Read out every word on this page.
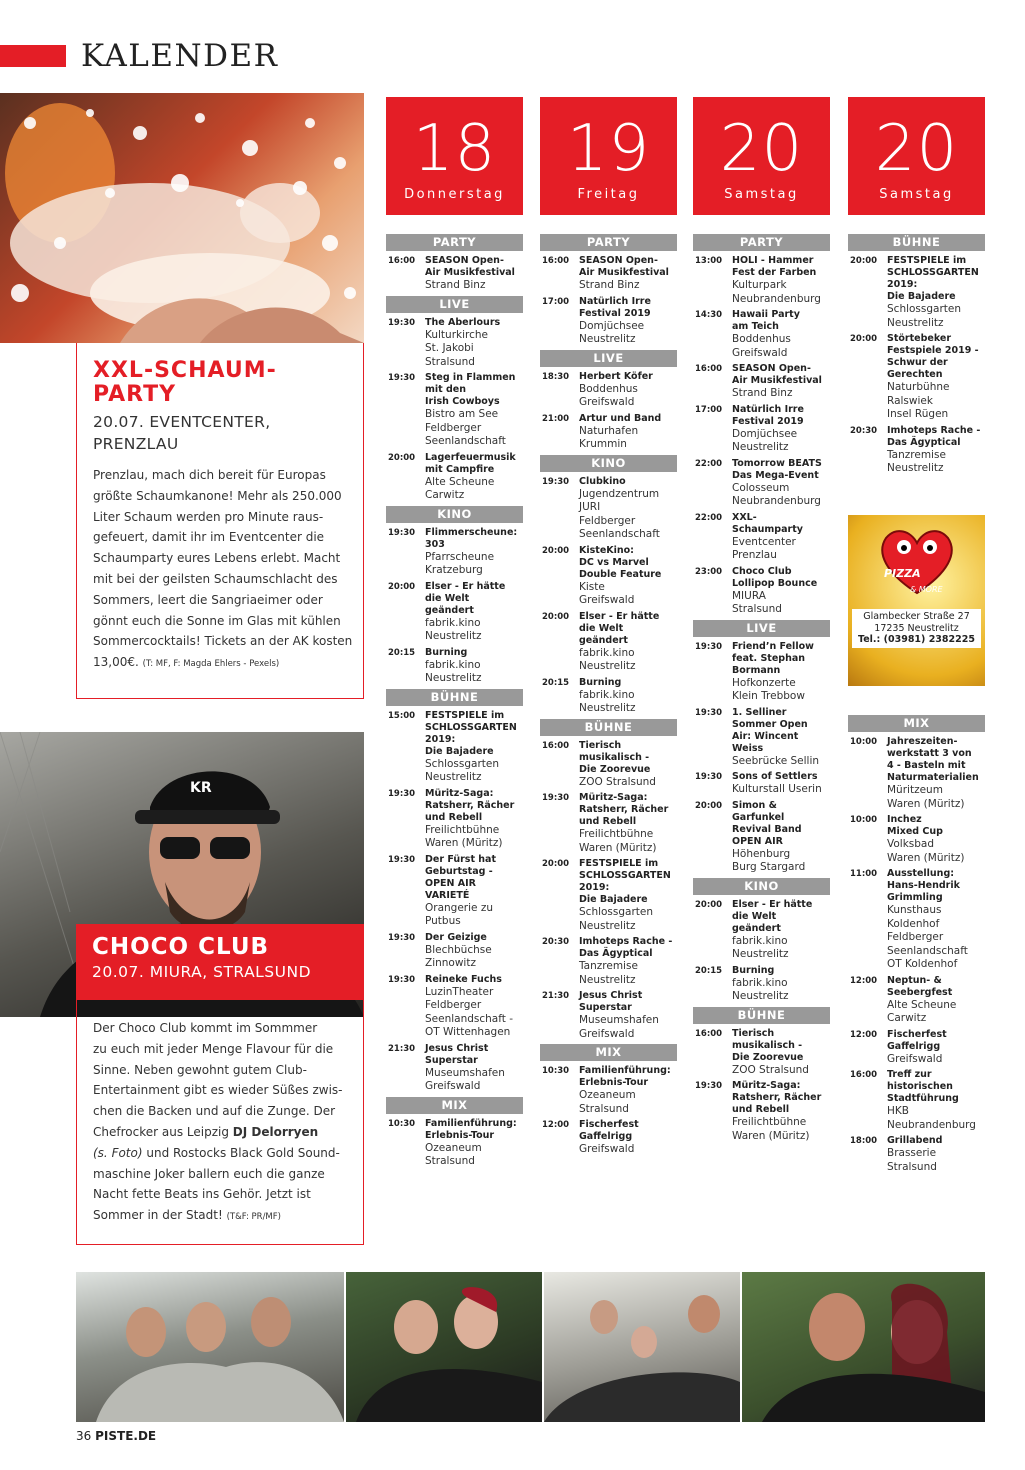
KALENDER
XXL-SCHAUM-
PARTY
20.07. EVENTCENTER,
PRENZLAU
Prenzlau, mach dich bereit für Europas
größte Schaumkanone! Mehr als 250.000
Liter Schaum werden pro Minute raus-
gefeuert, damit ihr im Eventcenter die
Schaumparty eures Lebens erlebt. Macht
mit bei der geilsten Schaumschlacht des
Sommers, leert die Sangriaeimer oder
gönnt euch die Sonne im Glas mit kühlen
Sommercocktails! Tickets an der AK kosten
13,00€. (T: MF, F: Magda Ehlers - Pexels)
KR
CHOCO CLUB
20.07. MIURA, STRALSUND
Der Choco Club kommt im Sommmer
zu euch mit jeder Menge Flavour für die
Sinne. Neben gewohnt gutem Club-
Entertainment gibt es wieder Süßes zwis-
chen die Backen und auf die Zunge. Der
Chefrocker aus Leipzig DJ Delorryen
(s. Foto) und Rostocks Black Gold Sound-
maschine Joker ballern euch die ganze
Nacht fette Beats ins Gehör. Jetzt ist
Sommer in der Stadt! (T&F: PR/MF)
18
Donnerstag
19
Freitag
20
Samstag
20
Samstag
PARTY
16:00	SEASON Open-
Air Musikfestival
Strand Binz
LIVE
19:30	The Aberlours
Kulturkirche
St. Jakobi
Stralsund
19:30	Steg in Flammen
mit den
Irish Cowboys
Bistro am See
Feldberger
Seenlandschaft
20:00	Lagerfeuermusik
mit Campfire
Alte Scheune
Carwitz
KINO
19:30	Flimmerscheune:
303
Pfarrscheune
Kratzeburg
20:00	Elser - Er hätte
die Welt
geändert
fabrik.kino
Neustrelitz
20:15	Burning
fabrik.kino
Neustrelitz
BÜHNE
15:00	FESTSPIELE im
SCHLOSSGARTEN
2019:
Die Bajadere
Schlossgarten
Neustrelitz
19:30	Müritz-Saga:
Ratsherr, Rächer
und Rebell
Freilichtbühne
Waren (Müritz)
19:30	Der Fürst hat
Geburtstag -
OPEN AIR
VARIETÉ
Orangerie zu
Putbus
19:30	Der Geizige
Blechbüchse
Zinnowitz
19:30	Reineke Fuchs
LuzinTheater
Feldberger
Seenlandschaft -
OT Wittenhagen
21:30	Jesus Christ
Superstar
Museumshafen
Greifswald
MIX
10:30	Familienführung:
Erlebnis-Tour
Ozeaneum
Stralsund
PARTY
16:00	SEASON Open-
Air Musikfestival
Strand Binz
17:00	Natürlich Irre
Festival 2019
Domjüchsee
Neustrelitz
LIVE
18:30	Herbert Köfer
Boddenhus
Greifswald
21:00	Artur und Band
Naturhafen
Krummin
KINO
19:30	Clubkino
Jugendzentrum
JURI
Feldberger
Seenlandschaft
20:00	KisteKino:
DC vs Marvel
Double Feature
Kiste
Greifswald
20:00	Elser - Er hätte
die Welt
geändert
fabrik.kino
Neustrelitz
20:15	Burning
fabrik.kino
Neustrelitz
BÜHNE
16:00	Tierisch
musikalisch -
Die Zoorevue
ZOO Stralsund
19:30	Müritz-Saga:
Ratsherr, Rächer
und Rebell
Freilichtbühne
Waren (Müritz)
20:00	FESTSPIELE im
SCHLOSSGARTEN
2019:
Die Bajadere
Schlossgarten
Neustrelitz
20:30	Imhoteps Rache -
Das Ägyptical
Tanzremise
Neustrelitz
21:30	Jesus Christ
Superstar
Museumshafen
Greifswald
MIX
10:30	Familienführung:
Erlebnis-Tour
Ozeaneum
Stralsund
12:00	Fischerfest
Gaffelrigg
Greifswald
PARTY
13:00	HOLI - Hammer
Fest der Farben
Kulturpark
Neubrandenburg
14:30	Hawaii Party
am Teich
Boddenhus
Greifswald
16:00	SEASON Open-
Air Musikfestival
Strand Binz
17:00	Natürlich Irre
Festival 2019
Domjüchsee
Neustrelitz
22:00	Tomorrow BEATS
Das Mega-Event
Colosseum
Neubrandenburg
22:00	XXL-
Schaumparty
Eventcenter
Prenzlau
23:00	Choco Club
Lollipop Bounce
MIURA
Stralsund
LIVE
19:30	Friend’n Fellow
feat. Stephan
Bormann
Hofkonzerte
Klein Trebbow
19:30	1. Selliner
Sommer Open
Air: Wincent
Weiss
Seebrücke Sellin
19:30	Sons of Settlers
Kulturstall Userin
20:00	Simon &
Garfunkel
Revival Band
OPEN AIR
Höhenburg
Burg Stargard
KINO
20:00	Elser - Er hätte
die Welt
geändert
fabrik.kino
Neustrelitz
20:15	Burning
fabrik.kino
Neustrelitz
BÜHNE
16:00	Tierisch
musikalisch -
Die Zoorevue
ZOO Stralsund
19:30	Müritz-Saga:
Ratsherr, Rächer
und Rebell
Freilichtbühne
Waren (Müritz)
BÜHNE
20:00	FESTSPIELE im
SCHLOSSGARTEN
2019:
Die Bajadere
Schlossgarten
Neustrelitz
20:00	Störtebeker
Festspiele 2019 -
Schwur der
Gerechten
Naturbühne
Ralswiek
Insel Rügen
20:30	Imhoteps Rache -
Das Ägyptical
Tanzremise
Neustrelitz
MIX
10:00	Jahreszeiten-
werkstatt 3 von
4 - Basteln mit
Naturmaterialien
Müritzeum
Waren (Müritz)
10:00	Inchez
Mixed Cup
Volksbad
Waren (Müritz)
11:00	Ausstellung:
Hans-Hendrik
Grimmling
Kunsthaus
Koldenhof
Feldberger
Seenlandschaft
OT Koldenhof
12:00	Neptun- &
Seebergfest
Alte Scheune
Carwitz
12:00	Fischerfest
Gaffelrigg
Greifswald
16:00	Treff zur
historischen
Stadtführung
HKB
Neubrandenburg
18:00	Grillabend
Brasserie
Stralsund
PIZZA
& MORE
Glambecker Straße 27
17235 Neustrelitz
Tel.: (03981) 2382225
36 PISTE.DE
